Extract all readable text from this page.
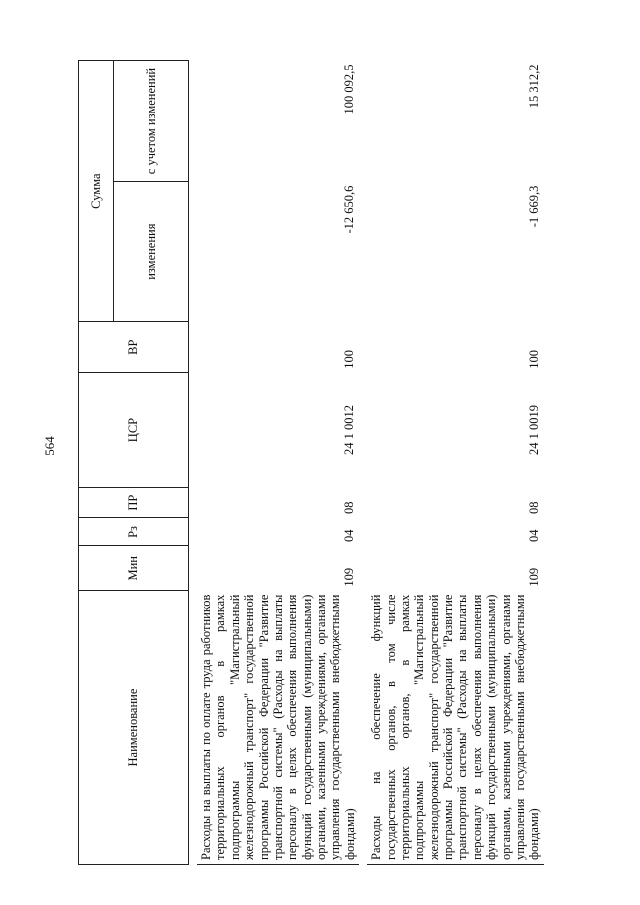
564
Наименование	Мин	Рз	ПР	ЦСР	ВР	Сумма	
						изменения	с учетом изменений

Расходы на выплаты по оплате труда работников территориальных органов в рамках подпрограммы "Магистральный железнодорожный транспорт" государственной программы Российской Федерации "Развитие транспортной системы" (Расходы на выплаты персоналу в целях обеспечения выполнения функций государственными (муниципальными) органами, казенными учреждениями, органами управления государственными внебюджетными фондами)	109	04	08	24 1 0012	100	-12 650,6	100 092,5

Расходы на обеспечение функций государственных органов, в том числе территориальных органов, в рамках подпрограммы "Магистральный железнодорожный транспорт" государственной программы Российской Федерации "Развитие транспортной системы" (Расходы на выплаты персоналу в целях обеспечения выполнения функций государственными (муниципальными) органами, казенными учреждениями, органами управления государственными внебюджетными фондами)	109	04	08	24 1 0019	100	-1 669,3	15 312,2
